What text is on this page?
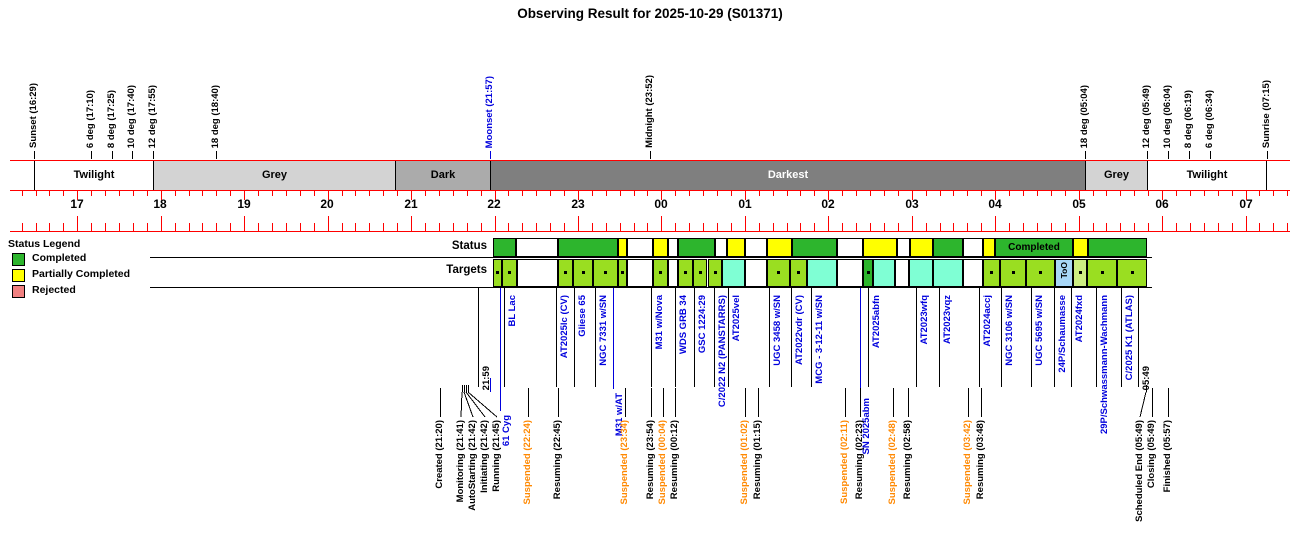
Observing Result for 2025-10-29 (S01371)
Status Legend	Status
Targets
Completed
Partially Completed
Rejected
Twilight	Grey	Dark	Darkest	Grey	Twilight
17	18	19	20	21	22	23	00	01	02	03	04	05	06	07
Sunset (16:29)	6 deg (17:10) 8 deg (17:25) 10 deg (17:40) 12 deg (17:55)	18 deg (18:40)	Moonset (21:57)	Midnight (23:52)	18 deg (05:04)	12 deg (05:49) 10 deg (06:04) 8 deg (06:19) 6 deg (06:34)	Sunrise (07:15)
Completed
ToO
21:59
BL Lac	AT2025lc (CV) Gliese 65 NGC 7331 w/SN	M31 w/Nova WDS GRB 34 GSC 1224:29 C/2022 N2 (PANSTARRS) AT2025vel	UGC 3458 w/SN AT2022vdr (CV) MCG - 3-12-11 w/SN	AT2025abfn	AT2023wfq AT2023vqz	AT2024accj NGC 3106 w/SN UGC 5695 w/SN 24P/Schaumasse AT2024fxd 29P/Schwassmann-Wachmann C/2025 K1 (ATLAS) 05:49
61 Cyg	M31 w/AT	SN 2025abm
Created (21:20) Monitoring (21:41) AutoStarting (21:42) Initiating (21:42) Running (21:45) Suspended (22:24) Resuming (22:45)	Suspended (23:34) Resuming (23:54) Suspended (00:04) Resuming (00:12)	Suspended (01:02) Resuming (01:15)	Suspended (02:11) Resuming (02:23) Suspended (02:48) Resuming (02:58)	Suspended (03:42) Resuming (03:48)	Scheduled End (05:49) Closing (05:49) Finished (05:57)
